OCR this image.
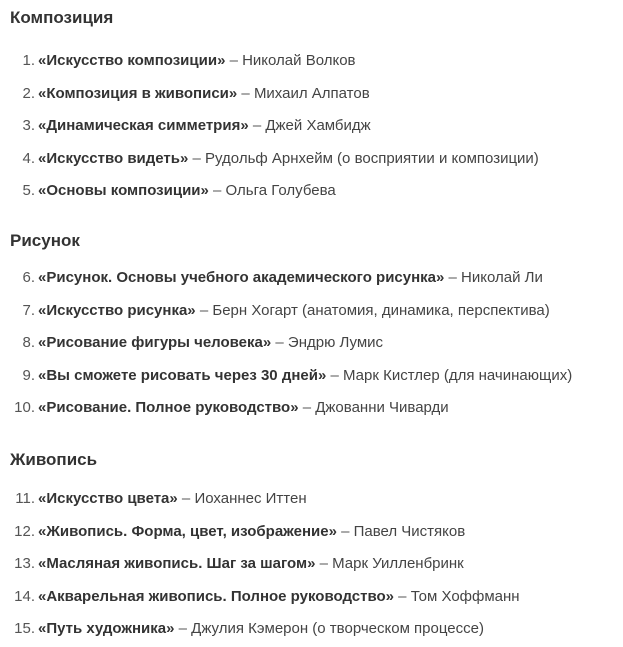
Композиция
1. «Искусство композиции» – Николай Волков
2. «Композиция в живописи» – Михаил Алпатов
3. «Динамическая симметрия» – Джей Хамбидж
4. «Искусство видеть» – Рудольф Арнхейм (о восприятии и композиции)
5. «Основы композиции» – Ольга Голубева
Рисунок
6. «Рисунок. Основы учебного академического рисунка» – Николай Ли
7. «Искусство рисунка» – Берн Хогарт (анатомия, динамика, перспектива)
8. «Рисование фигуры человека» – Эндрю Лумис
9. «Вы сможете рисовать через 30 дней» – Марк Кистлер (для начинающих)
10. «Рисование. Полное руководство» – Джованни Чиварди
Живопись
11. «Искусство цвета» – Иоханнес Иттен
12. «Живопись. Форма, цвет, изображение» – Павел Чистяков
13. «Масляная живопись. Шаг за шагом» – Марк Уилленбринк
14. «Акварельная живопись. Полное руководство» – Том Хоффманн
15. «Путь художника» – Джулия Кэмерон (о творческом процессе)
